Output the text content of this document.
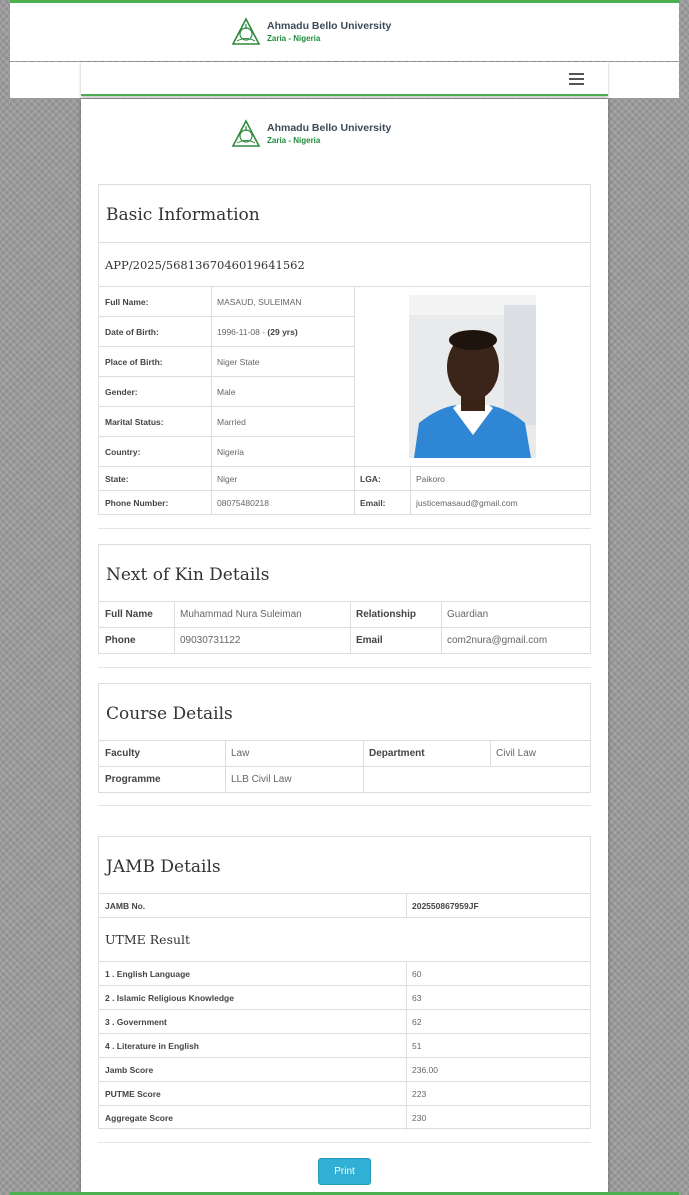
Ahmadu Bello University
Zaria - Nigeria
Ahmadu Bello University
Zaria - Nigeria
Basic Information
APP/2025/5681367046019641562
Full Name:	MASAUD, SULEIMAN
Date of Birth:	1996-11-08 -
(29 yrs)
Place of Birth:	Niger State
Gender:	Male
Marital Status:	Married
Country:	Nigeria
State:	Niger	LGA:	Paikoro
Phone Number:	08075480218	Email:	justicemasaud@gmail.com
Next of Kin Details
Full Name	Muhammad Nura Suleiman	Relationship	Guardian
Phone	09030731122	Email	com2nura@gmail.com
Course Details
Faculty	Law	Department	Civil Law
Programme	LLB Civil Law
JAMB Details
JAMB No.	202550867959JF
UTME Result
1 . English Language	60
2 . Islamic Religious Knowledge	63
3 . Government	62
4 . Literature in English	51
Jamb Score	236.00
PUTME Score	223
Aggregate Score	230
Print
